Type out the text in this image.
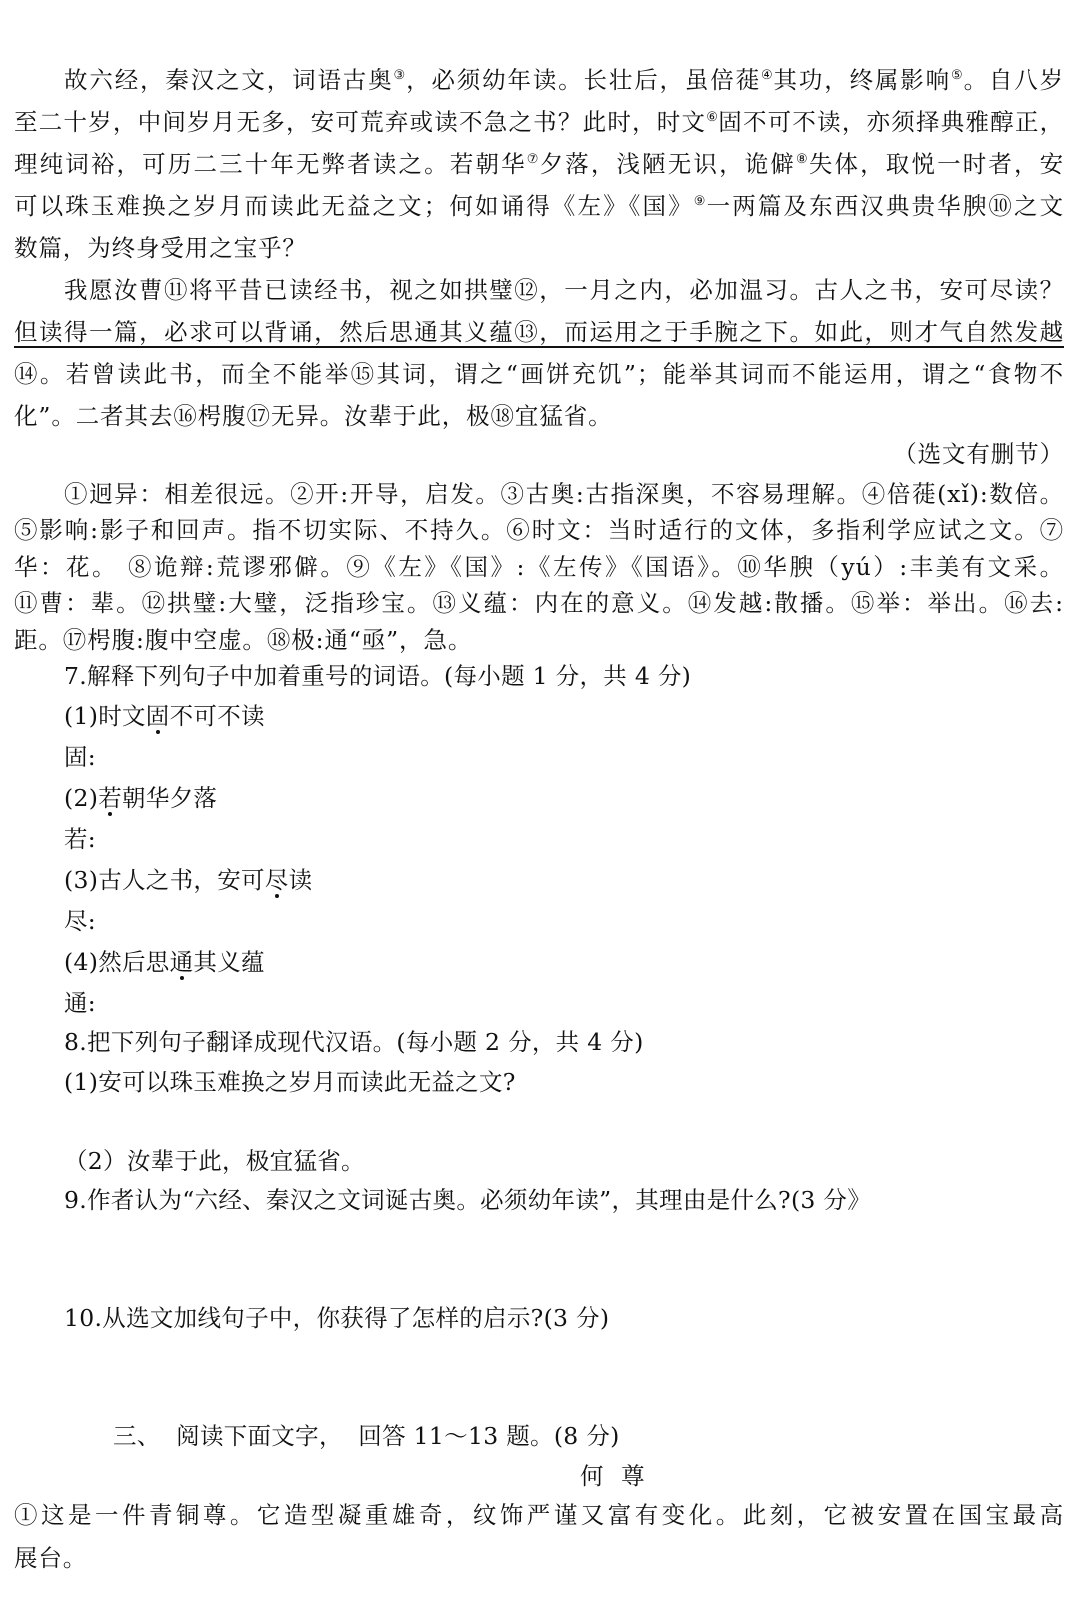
故六经，秦汉之文，词语古奥③，必须幼年读。长壮后，虽倍蓰④其功，终属影响⑤。自八岁

至二十岁，中间岁月无多，安可荒弃或读不急之书？此时，时文⑥固不可不读，亦须择典雅醇正，

理纯词裕，可历二三十年无弊者读之。若朝华⑦夕落，浅陋无识，诡僻⑧失体，取悦一时者，安

可以珠玉难换之岁月而读此无益之文；何如诵得《左》《国》⑨一两篇及东西汉典贵华腴⑩之文

数篇，为终身受用之宝乎？

我愿汝曹⑪将平昔已读经书，视之如拱璧⑫，一月之内，必加温习。古人之书，安可尽读？

但读得一篇，必求可以背诵，然后思通其义蕴⑬，而运用之于手腕之下。如此，则才气自然发越

⑭。若曾读此书，而全不能举⑮其词，谓之“画饼充饥”；能举其词而不能运用，谓之“食物不

化”。二者其去⑯枵腹⑰无异。汝辈于此，极⑱宜猛省。

（选文有删节）

①迥异：相差很远。②开:开导，启发。③古奥:古指深奥，不容易理解。④倍蓰(xǐ):数倍。

⑤影响:影子和回声。指不切实际、不持久。⑥时文：当时适行的文体，多指利学应试之文。⑦

华：花。 ⑧诡辩:荒谬邪僻。⑨《左》《国》:《左传》《国语》。⑩华腴（yú）:丰美有文采。

⑪曹：辈。⑫拱璧:大璧，泛指珍宝。⑬义蕴：内在的意义。⑭发越:散播。⑮举：举出。⑯去:

距。⑰枵腹:腹中空虚。⑱极:通“亟”，急。

7.解释下列句子中加着重号的词语。(每小题 1 分，共 4 分)

(1)时文固不可不读

固:

(2)若朝华夕落

若:

(3)古人之书，安可尽读

尽:

(4)然后思通其义蕴

通:

8.把下列句子翻译成现代汉语。(每小题 2 分，共 4 分)

(1)安可以珠玉难换之岁月而读此无益之文?

（2）汝辈于此，极宜猛省。

9.作者认为“六经、秦汉之文词诞古奥。必须幼年读”，其理由是什么?(3 分》

10.从选文加线句子中，你获得了怎样的启示?(3 分)

三、  阅读下面文字，  回答 11～13 题。(8 分)

何  尊

①这是一件青铜尊。它造型凝重雄奇，纹饰严谨又富有变化。此刻，它被安置在国宝最高

展台。
